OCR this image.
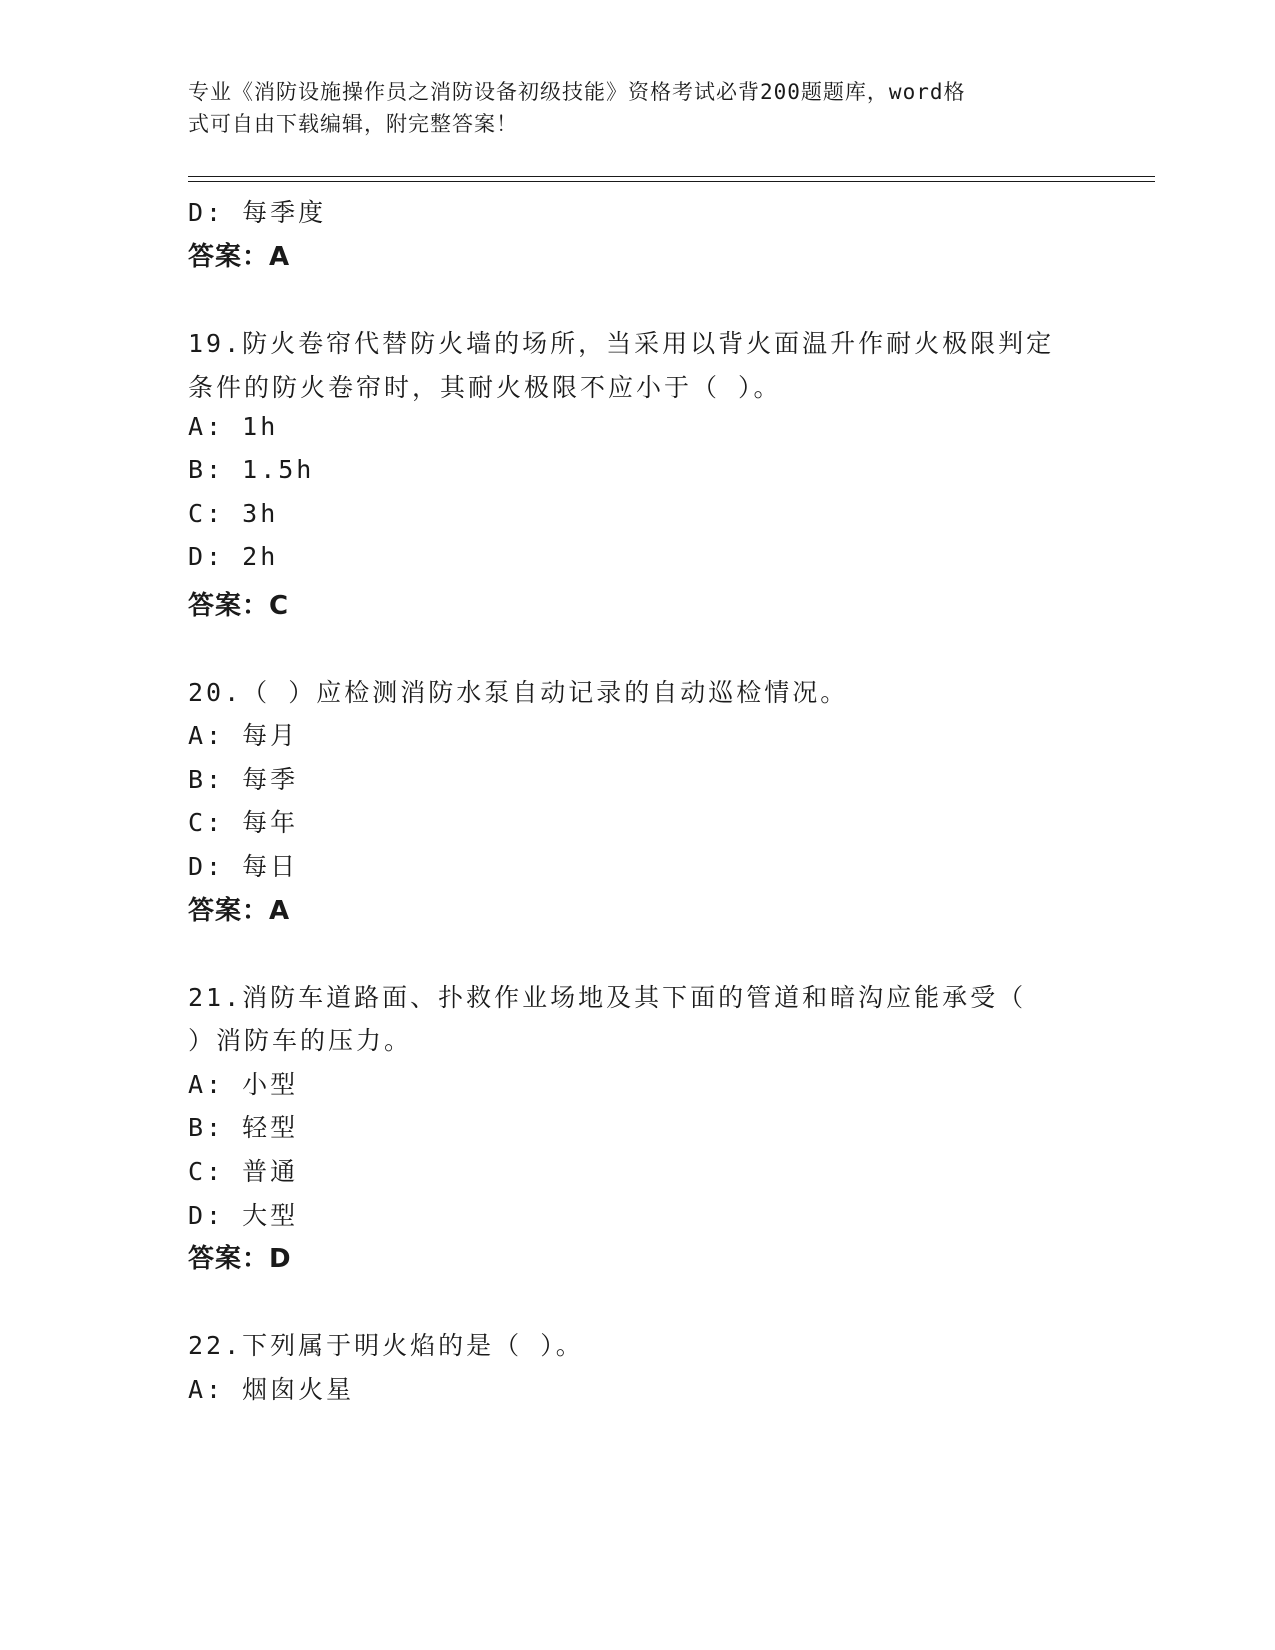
专业《消防设施操作员之消防设备初级技能》资格考试必背200题题库，word格
式可自由下载编辑，附完整答案！
D: 每季度
答案：A
19.防火卷帘代替防火墙的场所，当采用以背火面温升作耐火极限判定
条件的防火卷帘时，其耐火极限不应小于（ ）。
A: 1h
B: 1.5h
C: 3h
D: 2h
答案：C
20.（ ）应检测消防水泵自动记录的自动巡检情况。
A: 每月
B: 每季
C: 每年
D: 每日
答案：A
21.消防车道路面、扑救作业场地及其下面的管道和暗沟应能承受（
）消防车的压力。
A: 小型
B: 轻型
C: 普通
D: 大型
答案：D
22.下列属于明火焰的是（ ）。
A: 烟囱火星
